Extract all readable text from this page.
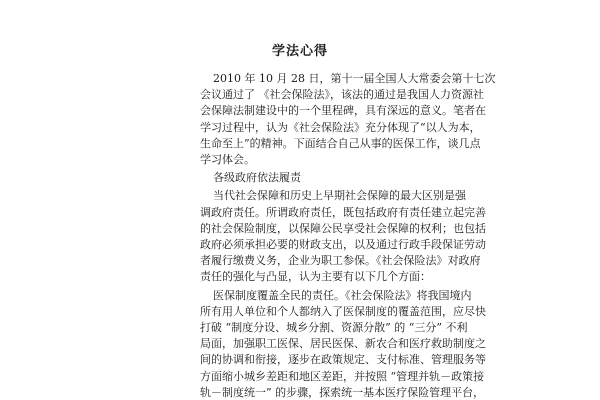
学法心得
2010 年 10 月 28 日，第十一届全国人大常委会第十七次
会议通过了 《社会保险法》，该法的通过是我国人力资源社
会保障法制建设中的一个里程碑，具有深远的意义。笔者在
学习过程中，认为《社会保险法》充分体现了“以人为本，
生命至上”的精神。下面结合自己从事的医保工作，谈几点
学习体会。
各级政府依法履责
当代社会保障和历史上早期社会保障的最大区别是强
调政府责任。所谓政府责任，既包括政府有责任建立起完善
的社会保险制度，以保障公民享受社会保障的权利；也包括
政府必须承担必要的财政支出，以及通过行政手段保证劳动
者履行缴费义务，企业为职工参保。《社会保险法》对政府
责任的强化与凸显，认为主要有以下几个方面：
医保制度覆盖全民的责任。《社会保险法》将我国境内
所有用人单位和个人都纳入了医保制度的覆盖范围，应尽快
打破 “制度分设、城乡分割、资源分散” 的 “三分” 不利
局面，加强职工医保、居民医保、新农合和医疗救助制度之
间的协调和衔接，逐步在政策规定、支付标准、管理服务等
方面缩小城乡差距和地区差距，并按照 “管理并轨－政策接
轨－制度统一” 的步骤，探索统一基本医疗保险管理平台，
